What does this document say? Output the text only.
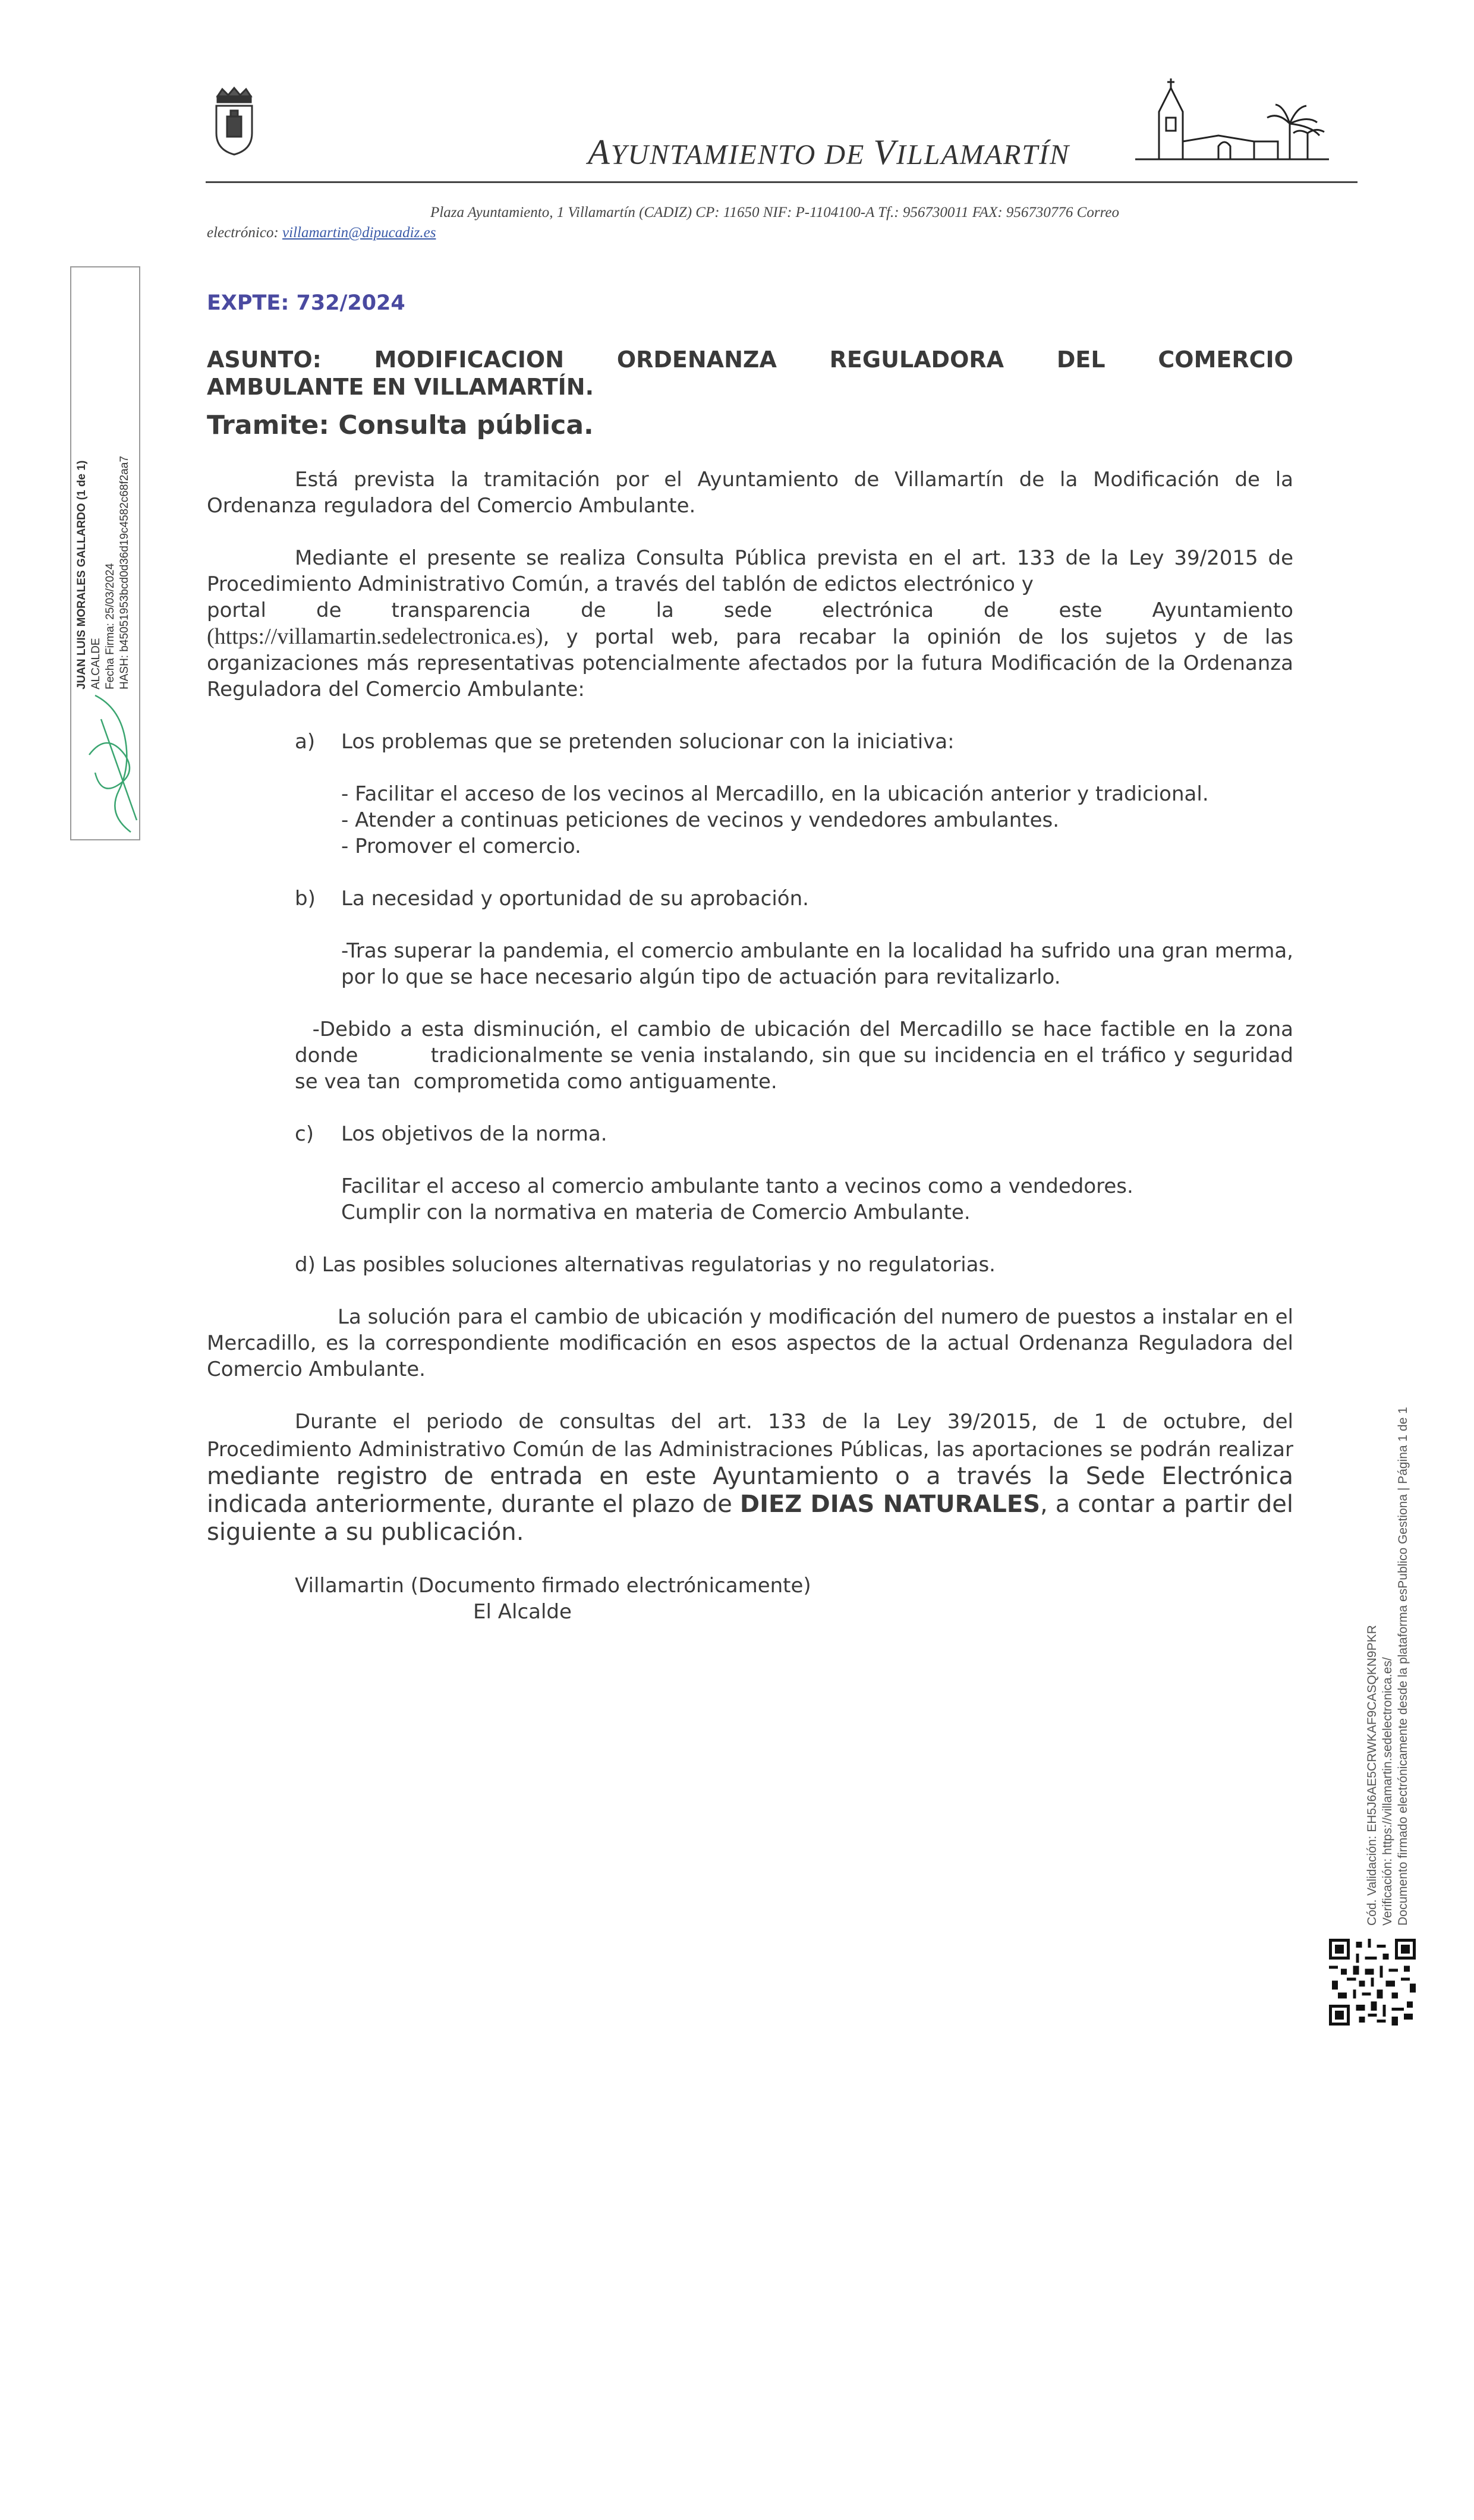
AYUNTAMIENTO DE VILLAMARTÍN
Plaza Ayuntamiento, 1 Villamartín (CADIZ) CP: 11650 NIF: P-1104100-A Tf.: 956730011 FAX: 956730776 Correo
electrónico: villamartin@dipucadiz.es
JUAN LUIS MORALES GALLARDO (1 de 1) ALCALDE Fecha Firma: 25/03/2024 HASH: b45051953bcd0d36d19c4582c68f2aa7
Cód. Validación: EH5J6AE5CRWKAF9CASQKN9PKR Verificación: https://villamartin.sedelectronica.es/ Documento firmado electrónicamente desde la plataforma esPublico Gestiona | Página 1 de 1
EXPTE: 732/2024
ASUNTO: MODIFICACION ORDENANZA REGULADORA DEL COMERCIO
AMBULANTE EN VILLAMARTÍN.
Tramite: Consulta pública.

Está prevista la tramitación por el Ayuntamiento de Villamartín de la Modificación de la Ordenanza reguladora del Comercio Ambulante.

Mediante el presente se realiza Consulta Pública prevista en el art. 133 de la Ley 39/2015 de Procedimiento Administrativo Común, a través del tablón de edictos electrónico y

portal de transparencia de la sede electrónica de este Ayuntamiento

(https://villamartin.sedelectronica.es), y portal web, para recabar la opinión de los sujetos y de las organizaciones más representativas potencialmente afectados por la futura Modificación de la Ordenanza Reguladora del Comercio Ambulante:

a)	Los problemas que se pretenden solucionar con la iniciativa:
- Facilitar el acceso de los vecinos al Mercadillo, en la ubicación anterior y tradicional.
- Atender a continuas peticiones de vecinos y vendedores ambulantes.
- Promover el comercio.
b)	La necesidad y oportunidad de su aprobación.
-Tras superar la pandemia, el comercio ambulante en la localidad ha sufrido una gran merma, por lo que se hace necesario algún tipo de actuación para revitalizarlo.
-Debido a esta disminución, el cambio de ubicación del Mercadillo se hace factible en la zona donde          tradicionalmente se venia instalando, sin que su incidencia en el tráfico y seguridad se vea tan  comprometida como antiguamente.
c)	Los objetivos de la norma.
Facilitar el acceso al comercio ambulante tanto a vecinos como a vendedores.
Cumplir con la normativa en materia de Comercio Ambulante.
d) Las posibles soluciones alternativas regulatorias y no regulatorias.

La solución para el cambio de ubicación y modificación del numero de puestos a instalar en el Mercadillo, es la correspondiente modificación en esos aspectos de la actual Ordenanza Reguladora del Comercio Ambulante.

Durante el periodo de consultas del art. 133 de la Ley 39/2015, de 1 de octubre, del Procedimiento Administrativo Común de las Administraciones Públicas, las aportaciones se podrán realizar mediante registro de entrada en este Ayuntamiento o a través la Sede Electrónica indicada anteriormente, durante el plazo de DIEZ DIAS NATURALES, a contar a partir del siguiente a su publicación.

Villamartin (Documento firmado electrónicamente)
El Alcalde
